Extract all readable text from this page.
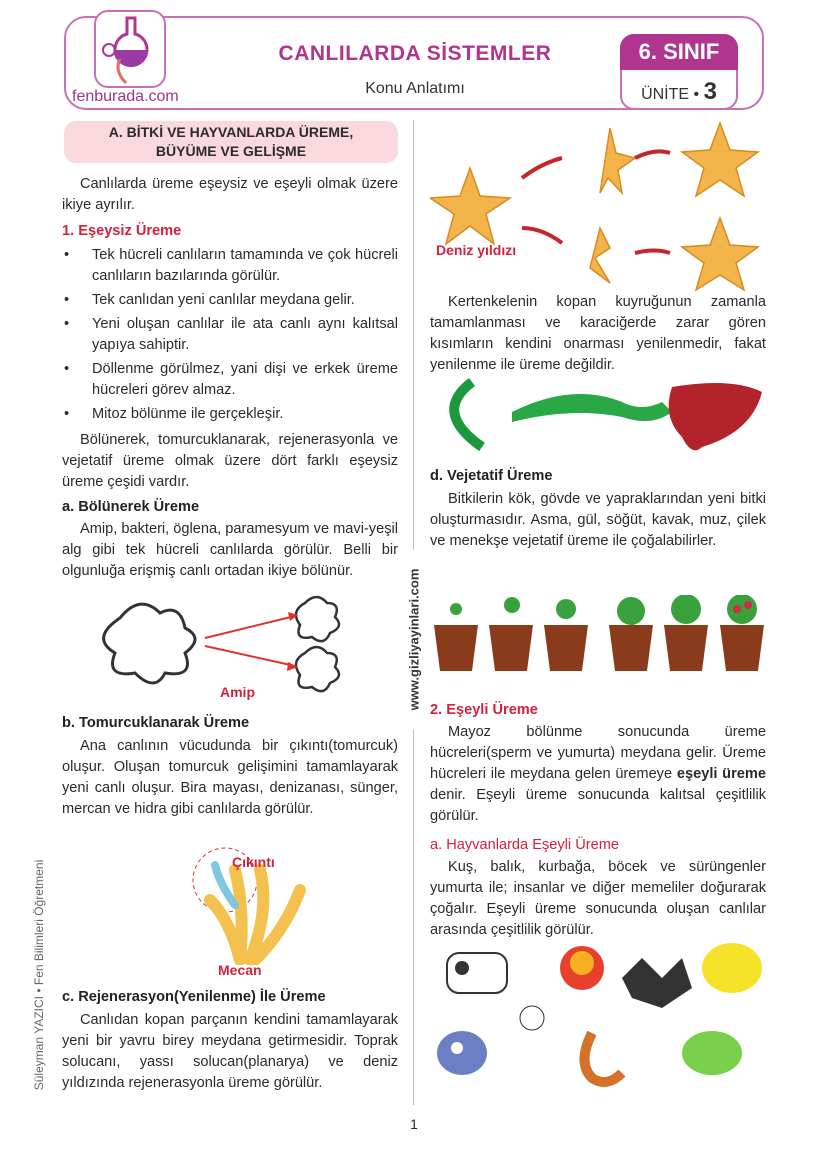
fenburada.com
CANLILARDA SİSTEMLER
Konu Anlatımı
6. SINIF
ÜNİTE • 3
www.gizliyayinlari.com
Süleyman YAZICI • Fen Bilimleri Öğretmeni
1
A. BİTKİ VE HAYVANLARDA ÜREME,
BÜYÜME VE GELİŞME

Canlılarda üreme eşeysiz ve eşeyli olmak üzere ikiye ayrılır.

1. Eşeysiz Üreme
• Tek hücreli canlıların tamamında ve çok hücreli canlıların bazılarında görülür.
• Tek canlıdan yeni canlılar meydana gelir.
• Yeni oluşan canlılar ile ata canlı aynı kalıtsal yapıya sahiptir.
• Döllenme görülmez, yani dişi ve erkek üreme hücreleri görev almaz.
• Mitoz bölünme ile gerçekleşir.

Bölünerek, tomurcuklanarak, rejenerasyonla ve vejetatif üreme olmak üzere dört farklı eşeysiz üreme çeşidi vardır.

a. Bölünerek Üreme

Amip, bakteri, öglena, paramesyum ve mavi-yeşil alg gibi tek hücreli canlılarda görülür. Belli bir olgunluğa erişmiş canlı ortadan ikiye bölünür.

Amip
b. Tomurcuklanarak Üreme

Ana canlının vücudunda bir çıkıntı(tomurcuk) oluşur. Oluşan tomurcuk gelişimini tamamlayarak yeni canlı oluşur. Bira mayası, denizanası, sünger, mercan ve hidra gibi canlılarda görülür.

Çıkıntı
Mecan
c. Rejenerasyon(Yenilenme) İle Üreme

Canlıdan kopan parçanın kendini tamamlayarak yeni bir yavru birey meydana getirmesidir. Toprak solucanı, yassı solucan(planarya) ve deniz yıldızında rejenerasyonla üreme görülür.

Deniz yıldızı

Kertenkelenin kopan kuyruğunun zamanla tamamlanması ve karaciğerde zarar gören kısımların kendini onarması yenilenmedir, fakat yenilenme ile üreme değildir.

d. Vejetatif Üreme

Bitkilerin kök, gövde ve yapraklarından yeni bitki oluşturmasıdır. Asma, gül, söğüt, kavak, muz, çilek ve menekşe vejetatif üreme ile çoğalabilirler.

2. Eşeyli Üreme

Mayoz bölünme sonucunda üreme hücreleri(sperm ve yumurta) meydana gelir. Üreme hücreleri ile meydana gelen üremeye eşeyli üreme denir. Eşeyli üreme sonucunda kalıtsal çeşitlilik görülür.

a. Hayvanlarda Eşeyli Üreme

Kuş, balık, kurbağa, böcek ve sürüngenler yumurta ile; insanlar ve diğer memeliler doğurarak çoğalır. Eşeyli üreme sonucunda oluşan canlılar arasında çeşitlilik görülür.
